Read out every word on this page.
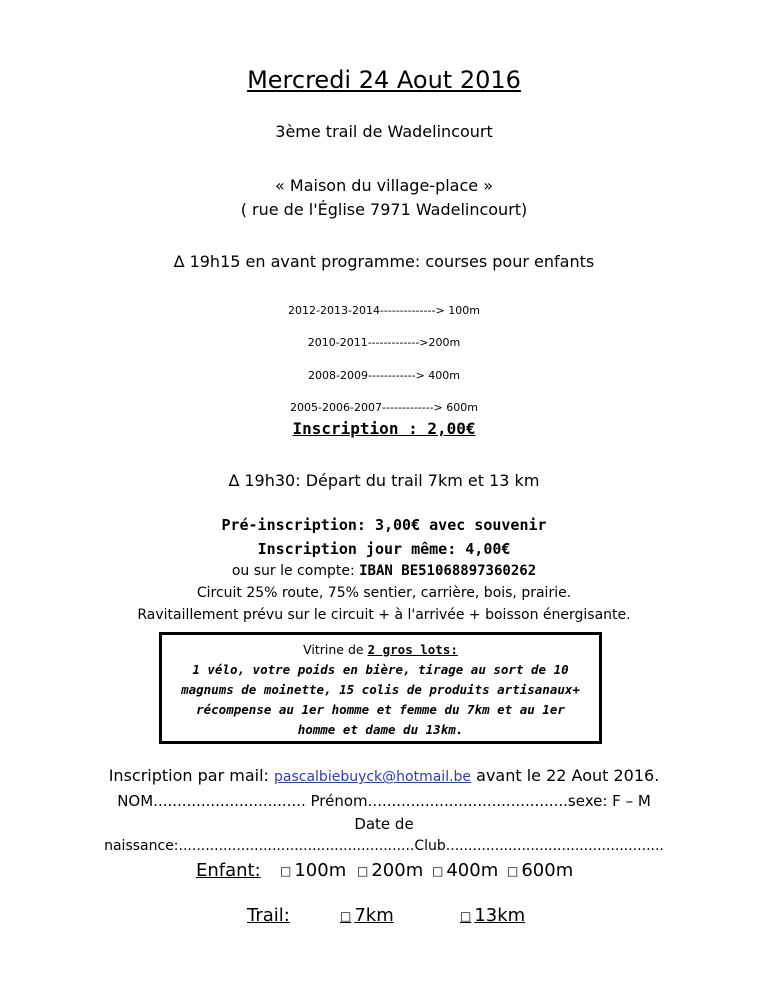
Mercredi 24 Aout 2016
3ème trail de Wadelincourt
« Maison du village-place »
( rue de l'Église 7971 Wadelincourt)
∆ 19h15 en avant programme: courses pour enfants
2012-2013-2014--------------> 100m
2010-2011------------->200m
2008-2009------------> 400m
2005-2006-2007-------------> 600m
Inscription : 2,00€
∆ 19h30: Départ du trail 7km et 13 km
Pré-inscription: 3,00€ avec souvenir
Inscription jour même: 4,00€
ou sur le compte: IBAN BE51068897360262
Circuit 25% route, 75% sentier, carrière, bois, prairie.
Ravitaillement prévu sur le circuit + à l'arrivée + boisson énergisante.
Vitrine de 2 gros lots:
1 vélo, votre poids en bière, tirage au sort de 10
magnums de moinette, 15 colis de produits artisanaux+
récompense au 1er homme et femme du 7km et au 1er
homme et dame du 13km.
Inscription par mail: pascalbiebuyck@hotmail.be avant le 22 Aout 2016.
NOM................................ Prénom..........................................sexe: F – M
Date de
naissance:.....................................................Club.................................................
Enfant: □ 100m □ 200m □ 400m □ 600m
Trail:	□ 7km	□ 13km
